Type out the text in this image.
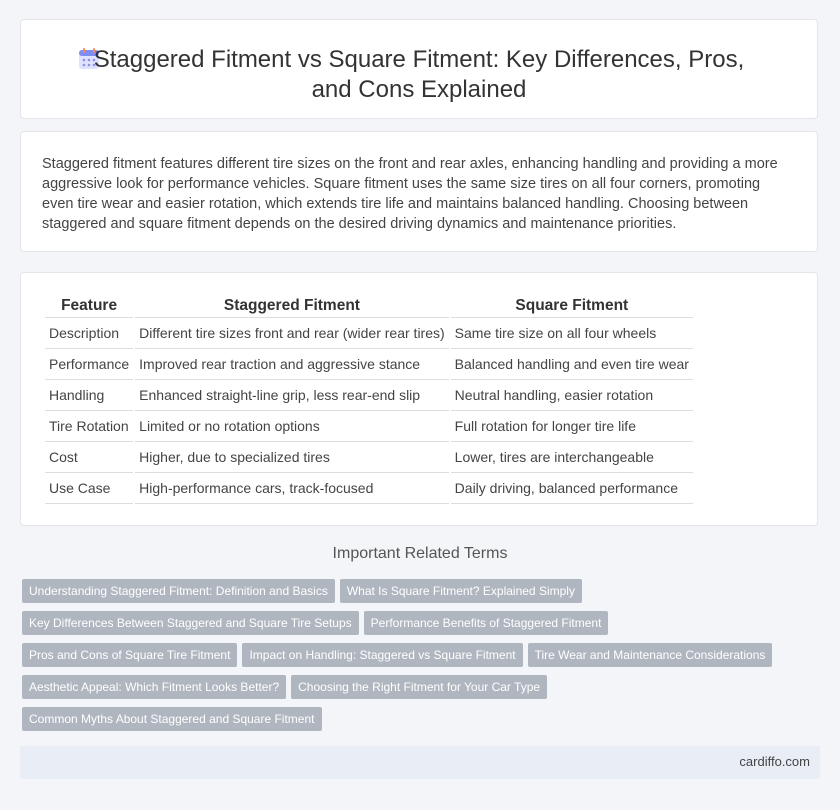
Staggered Fitment vs Square Fitment: Key Differences, Pros, and Cons Explained

Staggered fitment features different tire sizes on the front and rear axles, enhancing handling and providing a more aggressive look for performance vehicles. Square fitment uses the same size tires on all four corners, promoting even tire wear and easier rotation, which extends tire life and maintains balanced handling. Choosing between staggered and square fitment depends on the desired driving dynamics and maintenance priorities.

Feature	Staggered Fitment	Square Fitment
Description	Different tire sizes front and rear (wider rear tires)	Same tire size on all four wheels
Performance	Improved rear traction and aggressive stance	Balanced handling and even tire wear
Handling	Enhanced straight-line grip, less rear-end slip	Neutral handling, easier rotation
Tire Rotation	Limited or no rotation options	Full rotation for longer tire life
Cost	Higher, due to specialized tires	Lower, tires are interchangeable
Use Case	High-performance cars, track-focused	Daily driving, balanced performance
Important Related Terms
Understanding Staggered Fitment: Definition and Basics What Is Square Fitment? Explained Simply
Key Differences Between Staggered and Square Tire Setups Performance Benefits of Staggered Fitment
Pros and Cons of Square Tire Fitment Impact on Handling: Staggered vs Square Fitment Tire Wear and Maintenance Considerations
Aesthetic Appeal: Which Fitment Looks Better? Choosing the Right Fitment for Your Car Type
Common Myths About Staggered and Square Fitment
cardiffo.com
